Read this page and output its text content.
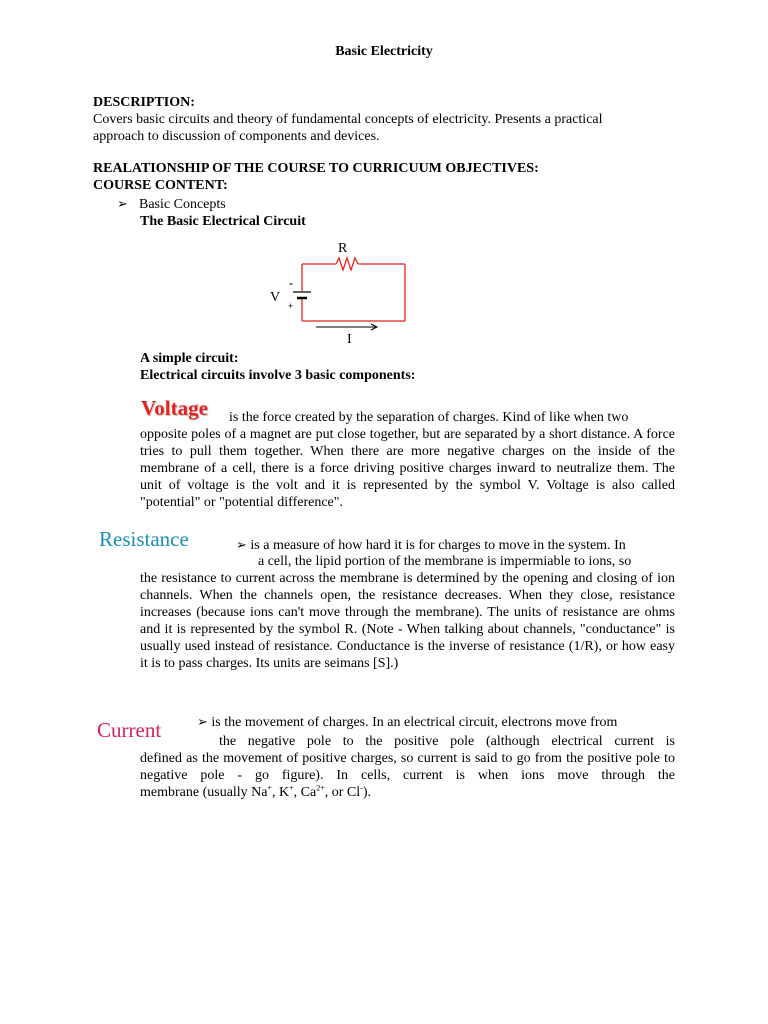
Basic Electricity
DESCRIPTION:
Covers basic circuits and theory of fundamental concepts of electricity. Presents a practical
approach to discussion of components and devices.
REALATIONSHIP OF THE COURSE TO CURRICUUM OBJECTIVES:
COURSE CONTENT:
➢ Basic Concepts
The Basic Electrical Circuit
R
V
-
+
I
A simple circuit:
Electrical circuits involve 3 basic components:
Voltage is the force created by the separation of charges. Kind of like when two
opposite poles of a magnet are put close together, but are separated by a short distance. A force tries to pull them together. When there are more negative charges on the inside of the membrane of a cell, there is a force driving positive charges inward to neutralize them. The unit of voltage is the volt and it is represented by the symbol V. Voltage is also called "potential" or "potential difference".
Resistance	➢ is a measure of how hard it is for charges to move in the system. In
a cell, the lipid portion of the membrane is impermiable to ions, so
the resistance to current across the membrane is determined by the opening and closing of ion channels. When the channels open, the resistance decreases. When they close, resistance increases (because ions can't move through the membrane). The units of resistance are ohms and it is represented by the symbol R. (Note - When talking about channels, "conductance" is usually used instead of resistance. Conductance is the inverse of resistance (1/R), or how easy it is to pass charges. Its units are seimans [S].)
Current	➢ is the movement of charges. In an electrical circuit, electrons move from
the negative pole to the positive pole (although electrical current is
defined as the movement of positive charges, so current is said to go from the positive pole to negative pole - go figure). In cells, current is when ions move through the
membrane (usually Na+, K+, $Ca^{2+}$, or Cl-).
